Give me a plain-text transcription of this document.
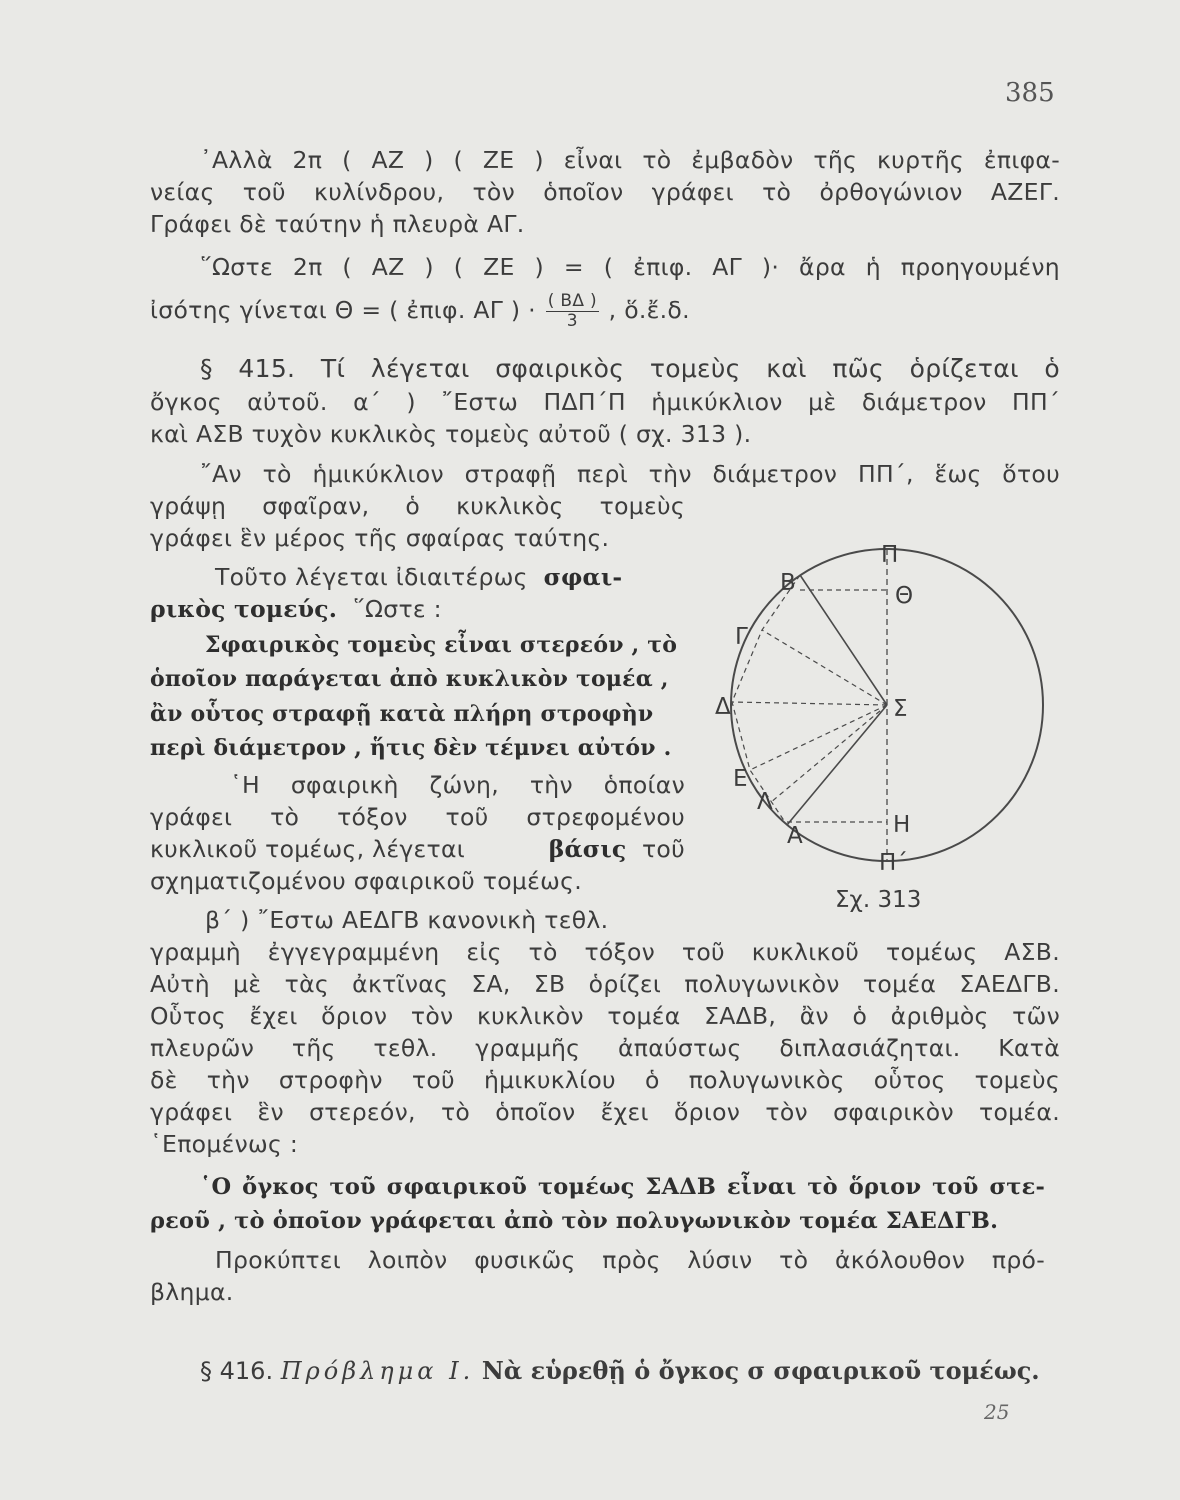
385
᾿Αλλὰ 2π ( ΑΖ ) ( ΖΕ ) εἶναι τὸ ἐμβαδὸν τῆς κυρτῆς ἐπιφα-
νείας τοῦ κυλίνδρου, τὸν ὁποῖον γράφει τὸ ὀρθογώνιον ΑΖΕΓ.
Γράφει δὲ ταύτην ἡ πλευρὰ ΑΓ.
῞Ωστε 2π ( ΑΖ ) ( ΖΕ ) = ( ἐπιφ. ΑΓ )· ἄρα ἡ προηγουμένη
ἰσότης γίνεται Θ = ( ἐπιφ. ΑΓ ) · $\frac{( B\Delta )}{3}$ , ὅ.ἔ.δ.
§ 415. Τί λέγεται σφαιρικὸς τομεὺς καὶ πῶς ὁρίζεται ὁ
ὄγκος αὐτοῦ. α΄ ) ῎Εστω ΠΔΠ΄Π ἡμικύκλιον μὲ διάμετρον ΠΠ΄
καὶ ΑΣΒ τυχὸν κυκλικὸς τομεὺς αὐτοῦ ( σχ. 313 ).
῎Αν τὸ ἡμικύκλιον στραφῇ περὶ τὴν διάμετρον ΠΠ΄, ἕως ὅτου
γράψῃ σφαῖραν, ὁ κυκλικὸς τομεὺς
γράφει ἓν μέρος τῆς σφαίρας ταύτης.
Τοῦτο λέγεται ἰδιαιτέρως σφαι-
ρικὸς τομεύς. ῞Ωστε :
Σφαιρικὸς τομεὺς εἶναι στερεόν , τὸ
ὁποῖον παράγεται ἀπὸ κυκλικὸν τομέα ,
ἂν οὗτος στραφῇ κατὰ πλήρη στροφὴν
περὶ διάμετρον , ἥτις δὲν τέμνει αὐτόν .
῾Η σφαιρικὴ ζώνη, τὴν ὁποίαν
γράφει τὸ τόξον τοῦ στρεφομένου
κυκλικοῦ τομέως, λέγεται	βάσις τοῦ
σχηματιζομένου σφαιρικοῦ τομέως.
β΄ ) ῎Εστω ΑΕΔΓΒ κανονικὴ τεθλ.
γραμμὴ ἐγγεγραμμένη εἰς τὸ τόξον τοῦ κυκλικοῦ τομέως ΑΣΒ.
Αὐτὴ μὲ τὰς ἀκτῖνας ΣΑ, ΣΒ ὁρίζει πολυγωνικὸν τομέα ΣΑΕΔΓΒ.
Οὗτος ἔχει ὅριον τὸν κυκλικὸν τομέα ΣΑΔΒ, ἂν ὁ ἀριθμὸς τῶν
πλευρῶν τῆς τεθλ. γραμμῆς ἀπαύστως διπλασιάζηται. Κατὰ
δὲ τὴν στροφὴν τοῦ ἡμικυκλίου ὁ πολυγωνικὸς οὗτος τομεὺς
γράφει ἓν στερεόν, τὸ ὁποῖον ἔχει ὅριον τὸν σφαιρικὸν τομέα.
῾Επομένως :
῾Ο ὄγκος τοῦ σφαιρικοῦ τομέως ΣΑΔΒ εἶναι τὸ ὅριον τοῦ στε-
ρεοῦ , τὸ ὁποῖον γράφεται ἀπὸ τὸν πολυγωνικὸν τομέα ΣΑΕΔΓΒ.
Προκύπτει λοιπὸν φυσικῶς πρὸς λύσιν τὸ ἀκόλουθον πρό-
βλημα.
§ 416. Πρόβλημα Ι. Νὰ εὑρεθῇ ὁ ὄγκος σ σφαιρικοῦ τομέως.
25
Π
Β	Θ
Γ
Δ	Σ
Ε
Λ
Α	Η
Π΄
Σχ. 313
